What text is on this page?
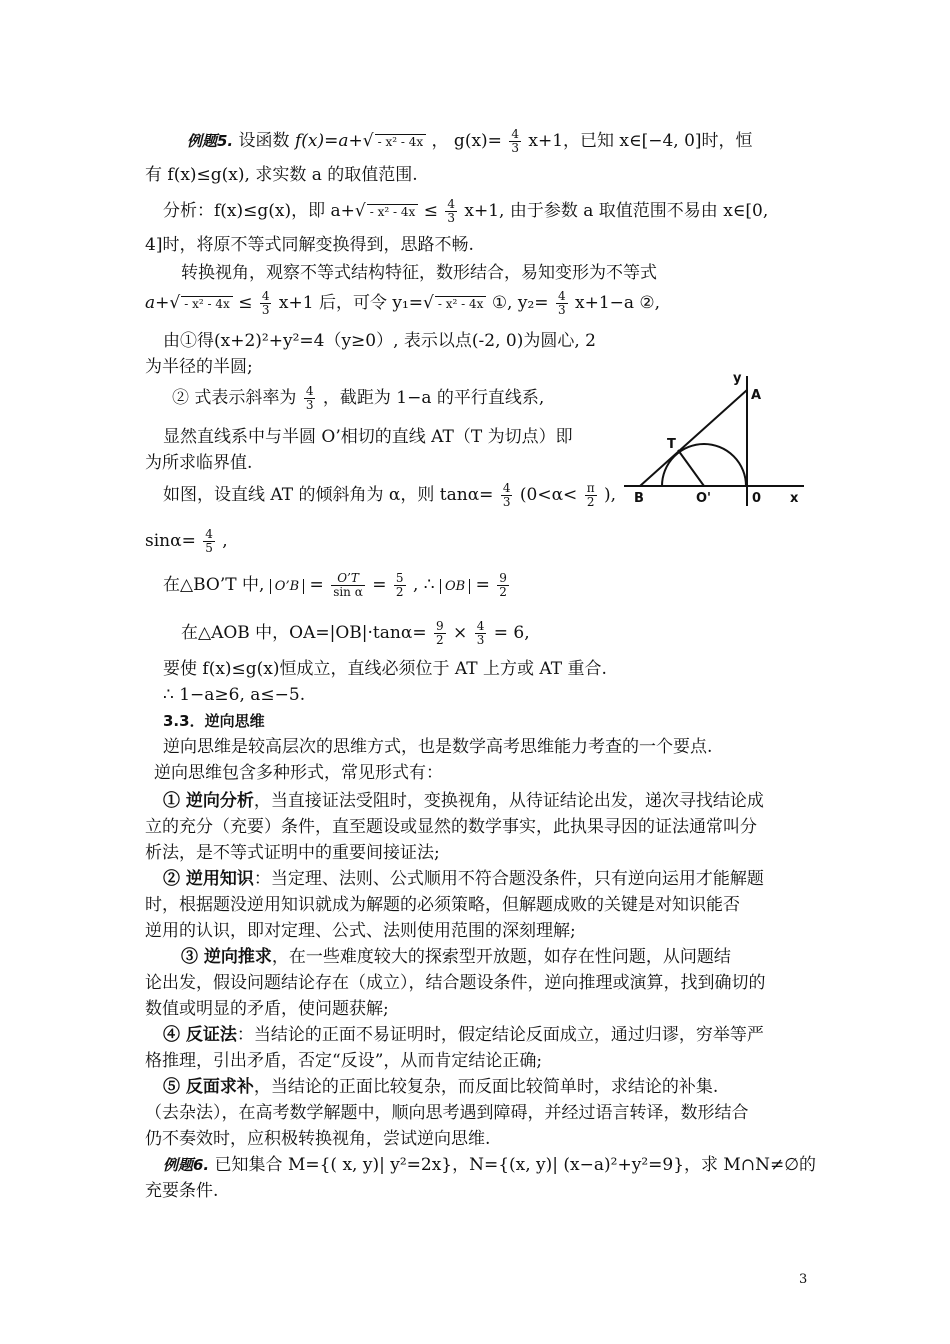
例题5. 设函数 f(x)=a+√ - x² - 4x ， $g(x)= \frac{4}{3} x+1$，已知 x∈[−4, 0]时，恒
有 f(x)≤g(x), 求实数 a 的取值范围.
分析：f(x)≤g(x)，即 $a+√ - x^2 - 4x \le \frac{4}{3} x+1$, 由于参数 a 取值范围不易由 x∈[0,
4]时，将原不等式同解变换得到，思路不畅.
转换视角，观察不等式结构特征，数形结合，易知变形为不等式
$a+√ - x^2 - 4x \le \frac{4}{3} x+1$ 后，可令 y₁=√ - x² - 4x ①, $y_2= \frac{4}{3} x+1-a$ ②,
由①得(x+2)²+y²=4（y≥0）, 表示以点(-2, 0)为圆心, 2
为半径的半圆;
② 式表示斜率为 $\frac{4}{3}$ ，截距为 1−a 的平行直线系,
显然直线系中与半圆 O’相切的直线 AT（T 为切点）即
为所求临界值.
如图，设直线 AT 的倾斜角为 α，则 $\tan\alpha= \frac{4}{3} (0<\alpha< \frac{\pi}{2}$ ),
$\sin\alpha= \frac{4}{5}$ ,
在△BO’T 中, O’B = $\frac{O’T}{\text{sin α}} = \frac{5}{2}$ , ∴ OB = $\frac{9}{2}$
在△AOB 中，$OA=|OB|\cdot\tan\alpha= \frac{9}{2} \times \frac{4}{3} = 6$,
要使 f(x)≤g(x)恒成立，直线必须位于 AT 上方或 AT 重合.
∴ 1−a≥6, a≤−5.
3.3．逆向思维
逆向思维是较高层次的思维方式，也是数学高考思维能力考查的一个要点.
逆向思维包含多种形式，常见形式有：
① 逆向分析，当直接证法受阻时，变换视角，从待证结论出发，递次寻找结论成
立的充分（充要）条件，直至题设或显然的数学事实，此执果寻因的证法通常叫分
析法，是不等式证明中的重要间接证法;
② 逆用知识：当定理、法则、公式顺用不符合题没条件，只有逆向运用才能解题
时，根据题没逆用知识就成为解题的必须策略，但解题成败的关键是对知识能否
逆用的认识，即对定理、公式、法则使用范围的深刻理解;
③ 逆向推求，在一些难度较大的探索型开放题，如存在性问题，从问题结
论出发，假设问题结论存在（成立），结合题设条件，逆向推理或演算，找到确切的
数值或明显的矛盾，使问题获解;
④ 反证法：当结论的正面不易证明时，假定结论反面成立，通过归谬，穷举等严
格推理，引出矛盾，否定“反设”，从而肯定结论正确;
⑤ 反面求补，当结论的正面比较复杂，而反面比较简单时，求结论的补集.
（去杂法），在高考数学解题中，顺向思考遇到障碍，并经过语言转译，数形结合
仍不奏效时，应积极转换视角，尝试逆向思维.
例题6. 已知集合 M={( x, y)| y²=2x}，N={(x, y)| (x−a)²+y²=9}，求 M∩N≠∅的
充要条件.
y
A
T
B	O'	0 x
3
